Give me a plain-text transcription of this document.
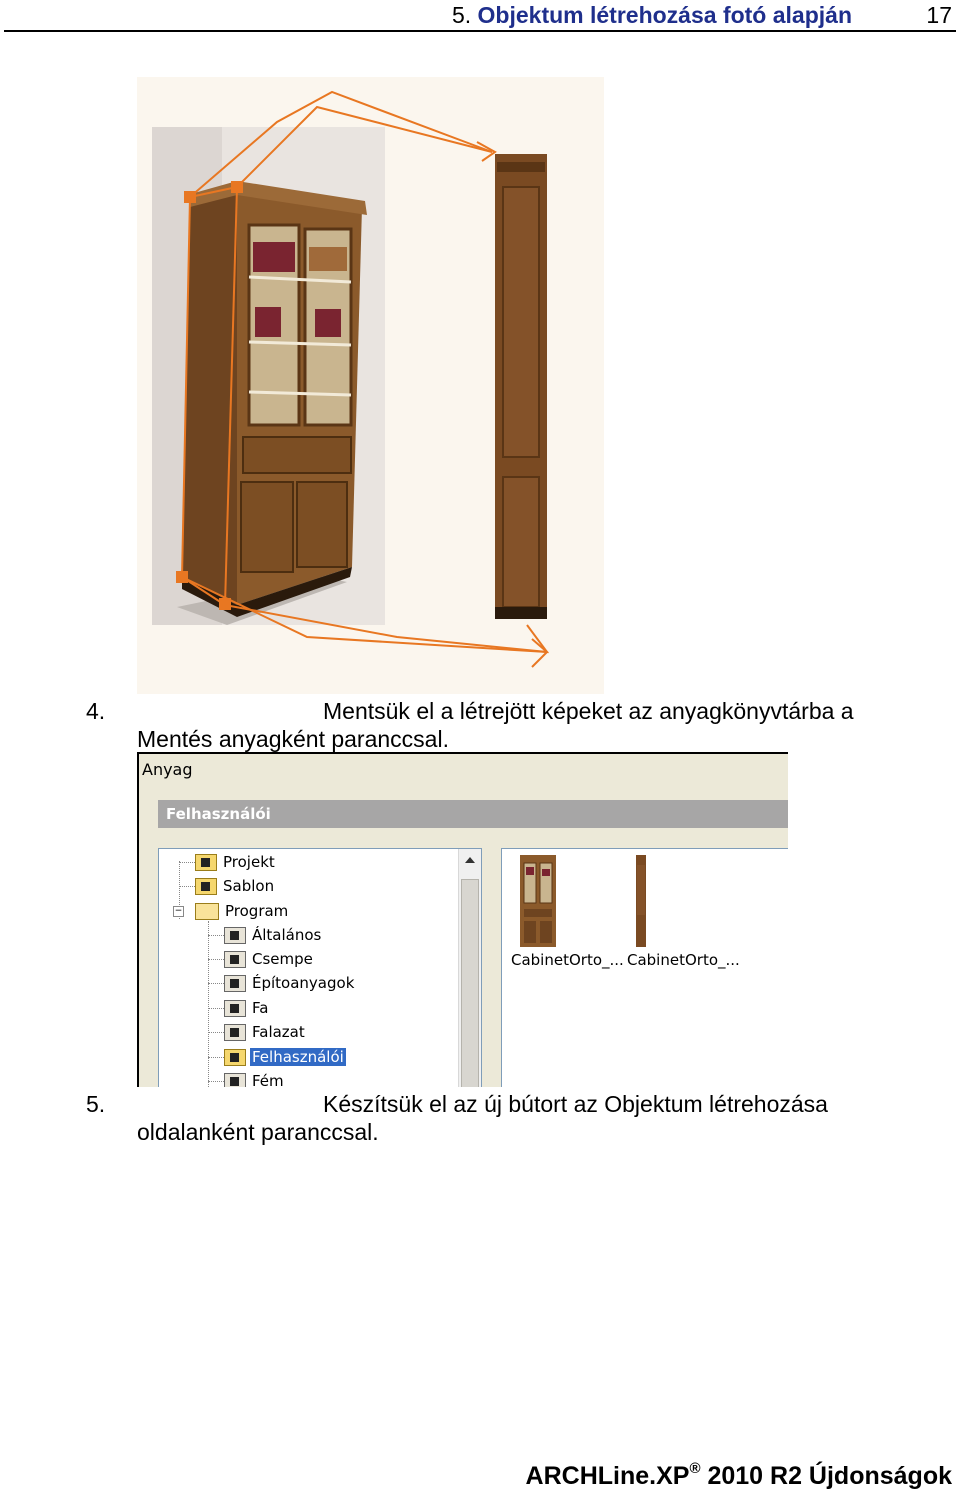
5. Objektum létrehozása fotó alapján	17
4.	Mentsük el a létrejött képeket az anyagkönyvtárba a
Mentés anyagként paranccsal.
Anyag
Felhasználói
−
Projekt
Sablon
Program
Általános
Csempe
Építoanyagok
Fa
Falazat
Felhasználói
Fém
CabinetOrto_... CabinetOrto_...
5.	Készítsük el az új bútort az Objektum létrehozása
oldalanként paranccsal.
ARCHLine.XP® 2010 R2 Újdonságok
